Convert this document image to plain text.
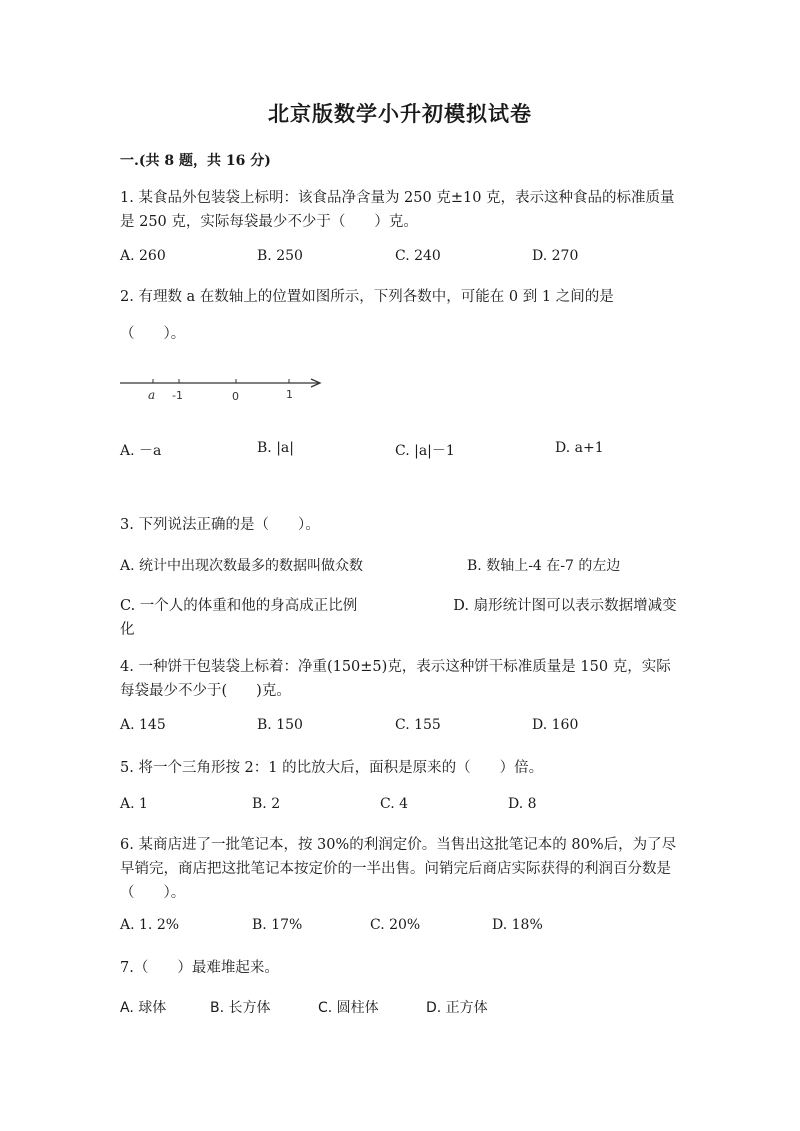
北京版数学小升初模拟试卷
一.(共 8 题，共 16 分)
1. 某食品外包装袋上标明：该食品净含量为 250 克±10 克，表示这种食品的标准质量是 250 克，实际每袋最少不少于（　　）克。
A. 260	B. 250	C. 240	D. 270
2. 有理数 a 在数轴上的位置如图所示，下列各数中，可能在 0 到 1 之间的是
（　　）。
a -1	0	1
A. －a	B. |a|	C. |a|－1	D. a+1
3. 下列说法正确的是（　　）。
A. 统计中出现次数最多的数据叫做众数	B. 数轴上-4 在-7 的左边
C. 一个人的体重和他的身高成正比例	D. 扇形统计图可以表示数据增减变化
4. 一种饼干包装袋上标着：净重(150±5)克，表示这种饼干标准质量是 150 克，实际每袋最少不少于(　　)克。
A. 145	B. 150	C. 155	D. 160
5. 将一个三角形按 2：1 的比放大后，面积是原来的（　　）倍。
A. 1	B. 2	C. 4	D. 8
6. 某商店进了一批笔记本，按 30%的利润定价。当售出这批笔记本的 80%后，为了尽早销完，商店把这批笔记本按定价的一半出售。问销完后商店实际获得的利润百分数是（　　）。
A. 1. 2%	B. 17%	C. 20%	D. 18%
7.（　　）最难堆起来。
A. 球体	B. 长方体	C. 圆柱体	D. 正方体
